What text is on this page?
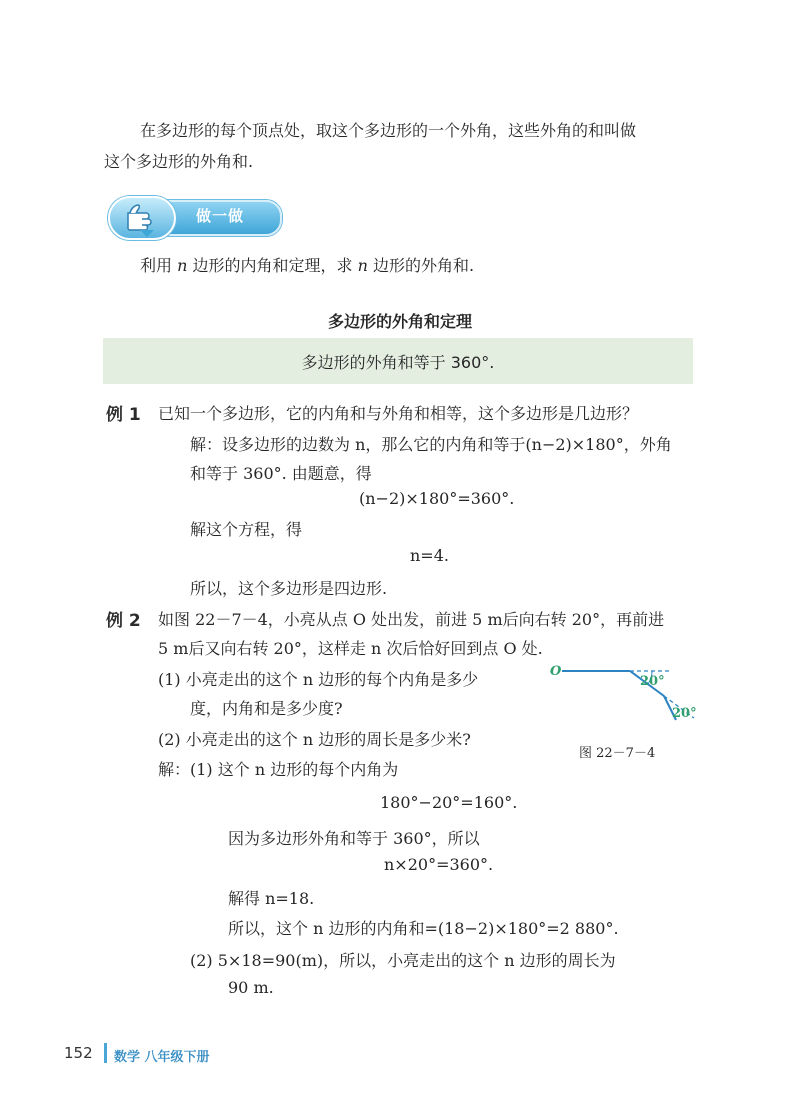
在多边形的每个顶点处，取这个多边形的一个外角，这些外角的和叫做
这个多边形的外角和.
做一做
利用 n 边形的内角和定理，求 n 边形的外角和.
多边形的外角和定理
多边形的外角和等于 360°.
例 1 已知一个多边形，它的内角和与外角和相等，这个多边形是几边形？
解：设多边形的边数为 n，那么它的内角和等于(n−2)×180°，外角
和等于 360°. 由题意，得
(n−2)×180°=360°.
解这个方程，得
n=4.
所以，这个多边形是四边形.
例 2 如图 22－7－4，小亮从点 O 处出发，前进 5 m后向右转 20°，再前进
5 m后又向右转 20°，这样走 n 次后恰好回到点 O 处.
(1) 小亮走出的这个 n 边形的每个内角是多少
度，内角和是多少度?
(2) 小亮走出的这个 n 边形的周长是多少米?
解：(1) 这个 n 边形的每个内角为
180°−20°=160°.
因为多边形外角和等于 360°，所以
n×20°=360°.
解得 n=18.
所以，这个 n 边形的内角和=(18−2)×180°=2 880°.
(2) 5×18=90(m)，所以，小亮走出的这个 n 边形的周长为
90 m.
O
20°
20°
图 22－7－4
152 数学 八年级下册
